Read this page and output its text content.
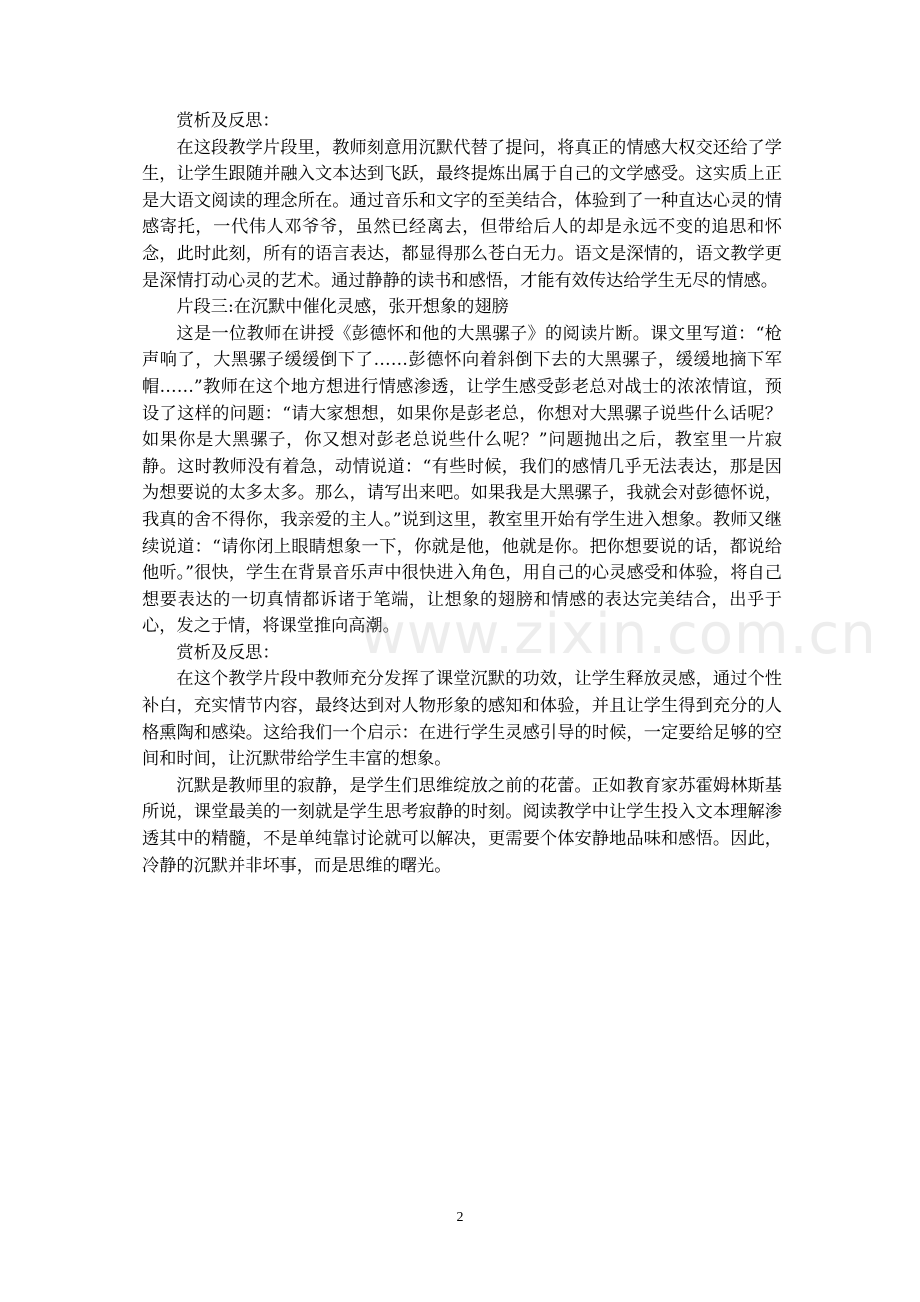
赏析及反思：

在这段教学片段里，教师刻意用沉默代替了提问，将真正的情感大权交还给了学生，让学生跟随并融入文本达到飞跃，最终提炼出属于自己的文学感受。这实质上正是大语文阅读的理念所在。通过音乐和文字的至美结合，体验到了一种直达心灵的情感寄托，一代伟人邓爷爷，虽然已经离去，但带给后人的却是永远不变的追思和怀念，此时此刻，所有的语言表达，都显得那么苍白无力。语文是深情的，语文教学更是深情打动心灵的艺术。通过静静的读书和感悟，才能有效传达给学生无尽的情感。

片段三:在沉默中催化灵感，张开想象的翅膀

这是一位教师在讲授《彭德怀和他的大黑骡子》的阅读片断。课文里写道：“枪声响了，大黑骡子缓缓倒下了……彭德怀向着斜倒下去的大黑骡子，缓缓地摘下军帽……”教师在这个地方想进行情感渗透，让学生感受彭老总对战士的浓浓情谊，预设了这样的问题：“请大家想想，如果你是彭老总，你想对大黑骡子说些什么话呢？如果你是大黑骡子，你又想对彭老总说些什么呢？”问题抛出之后，教室里一片寂静。这时教师没有着急，动情说道：“有些时候，我们的感情几乎无法表达，那是因为想要说的太多太多。那么，请写出来吧。如果我是大黑骡子，我就会对彭德怀说，我真的舍不得你，我亲爱的主人。”说到这里，教室里开始有学生进入想象。教师又继续说道：“请你闭上眼睛想象一下，你就是他，他就是你。把你想要说的话，都说给他听。”很快，学生在背景音乐声中很快进入角色，用自己的心灵感受和体验，将自己想要表达的一切真情都诉诸于笔端，让想象的翅膀和情感的表达完美结合，出乎于心，发之于情，将课堂推向高潮。

赏析及反思：

在这个教学片段中教师充分发挥了课堂沉默的功效，让学生释放灵感，通过个性补白，充实情节内容，最终达到对人物形象的感知和体验，并且让学生得到充分的人格熏陶和感染。这给我们一个启示：在进行学生灵感引导的时候，一定要给足够的空间和时间，让沉默带给学生丰富的想象。

沉默是教师里的寂静，是学生们思维绽放之前的花蕾。正如教育家苏霍姆林斯基所说，课堂最美的一刻就是学生思考寂静的时刻。阅读教学中让学生投入文本理解渗透其中的精髓，不是单纯靠讨论就可以解决，更需要个体安静地品味和感悟。因此，冷静的沉默并非坏事，而是思维的曙光。

www.zixin.com.cn
2
